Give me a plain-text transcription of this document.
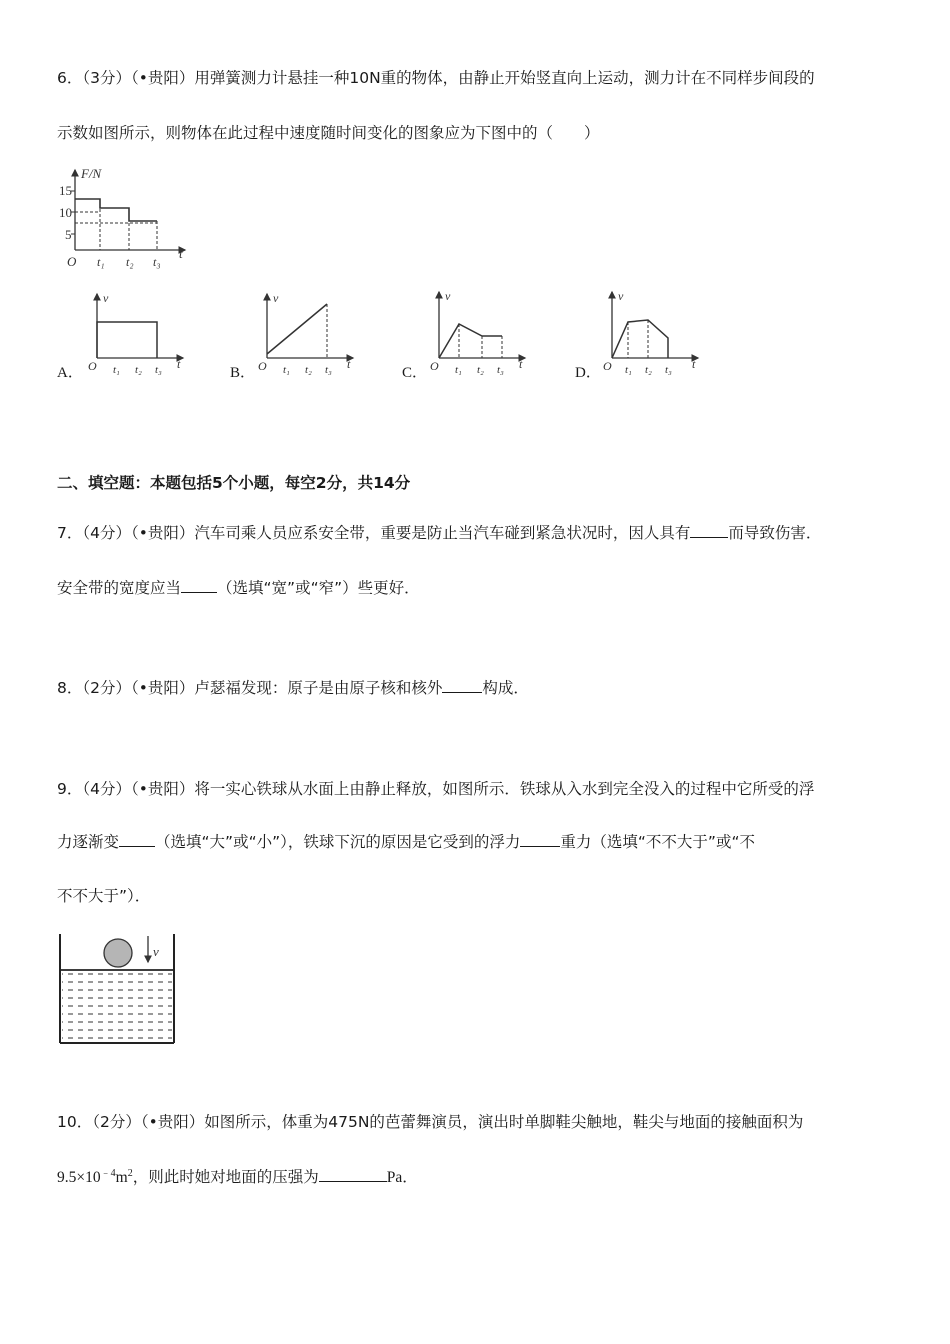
6．（3分）（•贵阳）用弹簧测力计悬挂一种10N重的物体，由静止开始竖直向上运动，测力计在不同样步间段的
示数如图所示，则物体在此过程中速度随时间变化的图象应为下图中的（　　）
F/N
15
10
5
O t₁ t₂ t₃
t
A．
v
O t₁ t₂ t₃ t
B．
v
O t₁ t₂ t₃ t
C．
v
O t₁ t₂ t₃ t
D．
v
O t₁ t₂ t₃ t
二、填空题：本题包括5个小题，每空2分，共14分
7．（4分）（•贵阳）汽车司乘人员应系安全带，重要是防止当汽车碰到紧急状况时，因人具有 而导致伤害．
安全带的宽度应当 （选填“宽”或“窄”）些更好．
8．（2分）（•贵阳）卢瑟福发现：原子是由原子核和核外	构成．
9．（4分）（•贵阳）将一实心铁球从水面上由静止释放，如图所示．铁球从入水到完全没入的过程中它所受的浮
力逐渐变 （选填“大”或“小”），铁球下沉的原因是它受到的浮力	重力（选填“不不大于”或“不
不不大于”）．
v
10．（2分）（•贵阳）如图所示，体重为475N的芭蕾舞演员，演出时单脚鞋尖触地，鞋尖与地面的接触面积为
$9.5\times 10^{﹣4}m^2$，则此时她对地面的压强为	Pa．
